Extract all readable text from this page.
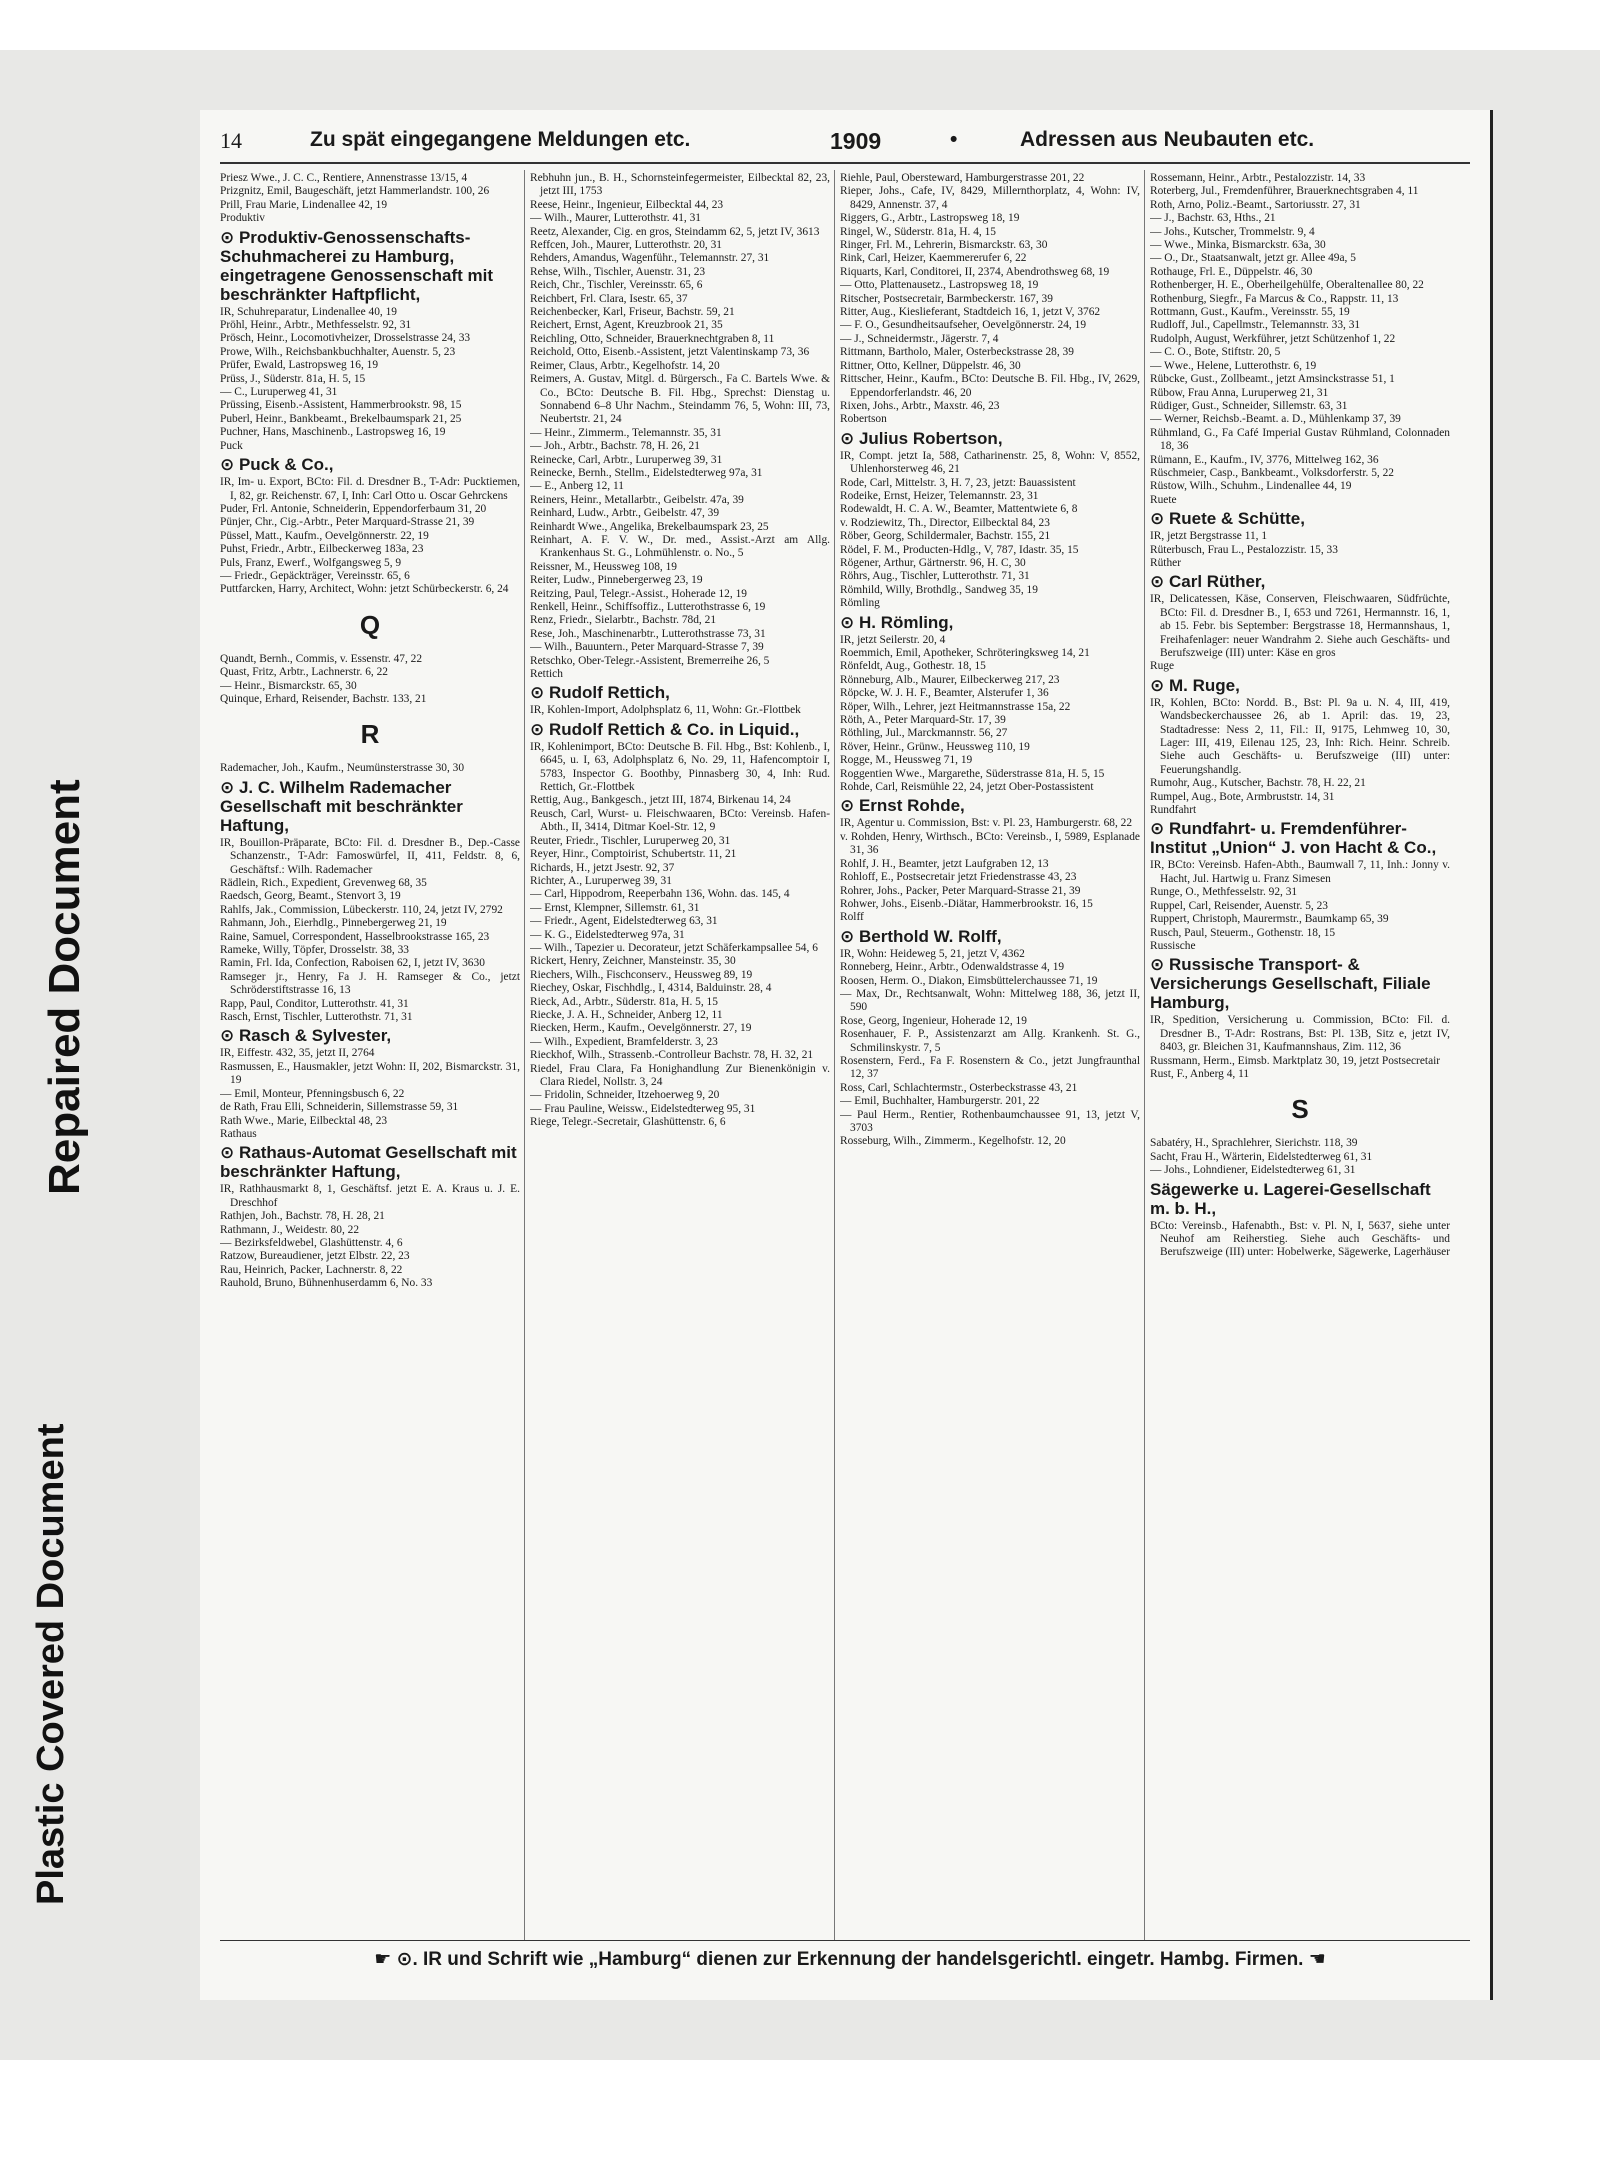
Repaired Document
Plastic Covered Document
14	Zu spät eingegangene Meldungen etc.	1909	•	Adressen aus Neubauten etc.
Priesz Wwe., J. C. C., Rentiere, Annenstrasse 13/15, 4
Prizgnitz, Emil, Baugeschäft, jetzt Hammerlandstr. 100, 26
Prill, Frau Marie, Lindenallee 42, 19
Produktiv
⊙ Produktiv-Genossenschafts-Schuhmacherei zu Hamburg, eingetragene Genossenschaft mit beschränkter Haftpflicht,
IR, Schuhreparatur, Lindenallee 40, 19
Pröhl, Heinr., Arbtr., Methfesselstr. 92, 31
Prösch, Heinr., Locomotivheizer, Drosselstrasse 24, 33
Prowe, Wilh., Reichsbankbuchhalter, Auenstr. 5, 23
Prüfer, Ewald, Lastropsweg 16, 19
Prüss, J., Süderstr. 81a, H. 5, 15
— C., Luruperweg 41, 31
Prüssing, Eisenb.-Assistent, Hammerbrookstr. 98, 15
Puberl, Heinr., Bankbeamt., Brekelbaumspark 21, 25
Puchner, Hans, Maschinenb., Lastropsweg 16, 19
Puck
⊙ Puck & Co.,
IR, Im- u. Export, BCto: Fil. d. Dresdner B., T-Adr: Pucktiemen, I, 82, gr. Reichenstr. 67, I, Inh: Carl Otto u. Oscar Gehrckens
Puder, Frl. Antonie, Schneiderin, Eppendorferbaum 31, 20
Pünjer, Chr., Cig.-Arbtr., Peter Marquard-Strasse 21, 39
Püssel, Matt., Kaufm., Oevelgönnerstr. 22, 19
Puhst, Friedr., Arbtr., Eilbeckerweg 183a, 23
Puls, Franz, Ewerf., Wolfgangsweg 5, 9
— Friedr., Gepäckträger, Vereinsstr. 65, 6
Puttfarcken, Harry, Architect, Wohn: jetzt Schürbeckerstr. 6, 24
Q
Quandt, Bernh., Commis, v. Essenstr. 47, 22
Quast, Fritz, Arbtr., Lachnerstr. 6, 22
— Heinr., Bismarckstr. 65, 30
Quinque, Erhard, Reisender, Bachstr. 133, 21
R
Rademacher, Joh., Kaufm., Neumünsterstrasse 30, 30
⊙ J. C. Wilhelm Rademacher Gesellschaft mit beschränkter Haftung,
IR, Bouillon-Präparate, BCto: Fil. d. Dresdner B., Dep.-Casse Schanzenstr., T-Adr: Famoswürfel, II, 411, Feldstr. 8, 6, Geschäftsf.: Wilh. Rademacher
Rädlein, Rich., Expedient, Grevenweg 68, 35
Raedsch, Georg, Beamt., Stenvort 3, 19
Rahlfs, Jak., Commission, Lübeckerstr. 110, 24, jetzt IV, 2792
Rahmann, Joh., Eierhdlg., Pinnebergerweg 21, 19
Raine, Samuel, Correspondent, Hasselbrookstrasse 165, 23
Rameke, Willy, Töpfer, Drosselstr. 38, 33
Ramin, Frl. Ida, Confection, Raboisen 62, I, jetzt IV, 3630
Ramseger jr., Henry, Fa J. H. Ramseger & Co., jetzt Schröderstiftstrasse 16, 13
Rapp, Paul, Conditor, Lutterothstr. 41, 31
Rasch, Ernst, Tischler, Lutterothstr. 71, 31
⊙ Rasch & Sylvester,
IR, Eiffestr. 432, 35, jetzt II, 2764
Rasmussen, E., Hausmakler, jetzt Wohn: II, 202, Bismarckstr. 31, 19
— Emil, Monteur, Pfenningsbusch 6, 22
de Rath, Frau Elli, Schneiderin, Sillemstrasse 59, 31
Rath Wwe., Marie, Eilbecktal 48, 23
Rathaus
⊙ Rathaus-Automat Gesellschaft mit beschränkter Haftung,
IR, Rathhausmarkt 8, 1, Geschäftsf. jetzt E. A. Kraus u. J. E. Dreschhof
Rathjen, Joh., Bachstr. 78, H. 28, 21
Rathmann, J., Weidestr. 80, 22
— Bezirksfeldwebel, Glashüttenstr. 4, 6
Ratzow, Bureaudiener, jetzt Elbstr. 22, 23
Rau, Heinrich, Packer, Lachnerstr. 8, 22
Rauhold, Bruno, Bühnenhuserdamm 6, No. 33
Rebhuhn jun., B. H., Schornsteinfegermeister, Eilbecktal 82, 23, jetzt III, 1753
Reese, Heinr., Ingenieur, Eilbecktal 44, 23
— Wilh., Maurer, Lutterothstr. 41, 31
Reetz, Alexander, Cig. en gros, Steindamm 62, 5, jetzt IV, 3613
Reffcen, Joh., Maurer, Lutterothstr. 20, 31
Rehders, Amandus, Wagenführ., Telemannstr. 27, 31
Rehse, Wilh., Tischler, Auenstr. 31, 23
Reich, Chr., Tischler, Vereinsstr. 65, 6
Reichbert, Frl. Clara, Isestr. 65, 37
Reichenbecker, Karl, Friseur, Bachstr. 59, 21
Reichert, Ernst, Agent, Kreuzbrook 21, 35
Reichling, Otto, Schneider, Brauerknechtgraben 8, 11
Reichold, Otto, Eisenb.-Assistent, jetzt Valentinskamp 73, 36
Reimer, Claus, Arbtr., Kegelhofstr. 14, 20
Reimers, A. Gustav, Mitgl. d. Bürgersch., Fa C. Bartels Wwe. & Co., BCto: Deutsche B. Fil. Hbg., Sprechst: Dienstag u. Sonnabend 6–8 Uhr Nachm., Steindamm 76, 5, Wohn: III, 73, Neubertstr. 21, 24
— Heinr., Zimmerm., Telemannstr. 35, 31
— Joh., Arbtr., Bachstr. 78, H. 26, 21
Reinecke, Carl, Arbtr., Luruperweg 39, 31
Reinecke, Bernh., Stellm., Eidelstedterweg 97a, 31
— E., Anberg 12, 11
Reiners, Heinr., Metallarbtr., Geibelstr. 47a, 39
Reinhard, Ludw., Arbtr., Geibelstr. 47, 39
Reinhardt Wwe., Angelika, Brekelbaumspark 23, 25
Reinhart, A. F. V. W., Dr. med., Assist.-Arzt am Allg. Krankenhaus St. G., Lohmühlenstr. o. No., 5
Reissner, M., Heussweg 108, 19
Reiter, Ludw., Pinnebergerweg 23, 19
Reitzing, Paul, Telegr.-Assist., Hoherade 12, 19
Renkell, Heinr., Schiffsoffiz., Lutterothstrasse 6, 19
Renz, Friedr., Sielarbtr., Bachstr. 78d, 21
Rese, Joh., Maschinenarbtr., Lutterothstrasse 73, 31
— Wilh., Bauuntern., Peter Marquard-Strasse 7, 39
Retschko, Ober-Telegr.-Assistent, Bremerreihe 26, 5
Rettich
⊙ Rudolf Rettich,
IR, Kohlen-Import, Adolphsplatz 6, 11, Wohn: Gr.-Flottbek
⊙ Rudolf Rettich & Co. in Liquid.,
IR, Kohlenimport, BCto: Deutsche B. Fil. Hbg., Bst: Kohlenb., I, 6645, u. I, 63, Adolphsplatz 6, No. 29, 11, Hafencomptoir I, 5783, Inspector G. Boothby, Pinnasberg 30, 4, Inh: Rud. Rettich, Gr.-Flottbek
Rettig, Aug., Bankgesch., jetzt III, 1874, Birkenau 14, 24
Reusch, Carl, Wurst- u. Fleischwaaren, BCto: Vereinsb. Hafen-Abth., II, 3414, Ditmar Koel-Str. 12, 9
Reuter, Friedr., Tischler, Luruperweg 20, 31
Reyer, Hinr., Comptoirist, Schubertstr. 11, 21
Richards, H., jetzt Jsestr. 92, 37
Richter, A., Luruperweg 39, 31
— Carl, Hippodrom, Reeperbahn 136, Wohn. das. 145, 4
— Ernst, Klempner, Sillemstr. 61, 31
— Friedr., Agent, Eidelstedterweg 63, 31
— K. G., Eidelstedterweg 97a, 31
— Wilh., Tapezier u. Decorateur, jetzt Schäferkampsallee 54, 6
Rickert, Henry, Zeichner, Mansteinstr. 35, 30
Riechers, Wilh., Fischconserv., Heussweg 89, 19
Riechey, Oskar, Fischhdlg., I, 4314, Balduinstr. 28, 4
Rieck, Ad., Arbtr., Süderstr. 81a, H. 5, 15
Riecke, J. A. H., Schneider, Anberg 12, 11
Riecken, Herm., Kaufm., Oevelgönnerstr. 27, 19
— Wilh., Expedient, Bramfelderstr. 3, 23
Rieckhof, Wilh., Strassenb.-Controlleur Bachstr. 78, H. 32, 21
Riedel, Frau Clara, Fa Honighandlung Zur Bienenkönigin v. Clara Riedel, Nollstr. 3, 24
— Fridolin, Schneider, Itzehoerweg 9, 20
— Frau Pauline, Weissw., Eidelstedterweg 95, 31
Riege, Telegr.-Secretair, Glashüttenstr. 6, 6
Riehle, Paul, Obersteward, Hamburgerstrasse 201, 22
Rieper, Johs., Cafe, IV, 8429, Millernthorplatz, 4, Wohn: IV, 8429, Annenstr. 37, 4
Riggers, G., Arbtr., Lastropsweg 18, 19
Ringel, W., Süderstr. 81a, H. 4, 15
Ringer, Frl. M., Lehrerin, Bismarckstr. 63, 30
Rink, Carl, Heizer, Kaemmererufer 6, 22
Riquarts, Karl, Conditorei, II, 2374, Abendrothsweg 68, 19
— Otto, Plattenausetz., Lastropsweg 18, 19
Ritscher, Postsecretair, Barmbeckerstr. 167, 39
Ritter, Aug., Kieslieferant, Stadtdeich 16, 1, jetzt V, 3762
— F. O., Gesundheitsaufseher, Oevelgönnerstr. 24, 19
— J., Schneidermstr., Jägerstr. 7, 4
Rittmann, Bartholo, Maler, Osterbeckstrasse 28, 39
Rittner, Otto, Kellner, Düppelstr. 46, 30
Rittscher, Heinr., Kaufm., BCto: Deutsche B. Fil. Hbg., IV, 2629, Eppendorferlandstr. 46, 20
Rixen, Johs., Arbtr., Maxstr. 46, 23
Robertson
⊙ Julius Robertson,
IR, Compt. jetzt Ia, 588, Catharinenstr. 25, 8, Wohn: V, 8552, Uhlenhorsterweg 46, 21
Rode, Carl, Mittelstr. 3, H. 7, 23, jetzt: Bauassistent
Rodeike, Ernst, Heizer, Telemannstr. 23, 31
Rodewaldt, H. C. A. W., Beamter, Mattentwiete 6, 8
v. Rodziewitz, Th., Director, Eilbecktal 84, 23
Röber, Georg, Schildermaler, Bachstr. 155, 21
Rödel, F. M., Producten-Hdlg., V, 787, Idastr. 35, 15
Rögener, Arthur, Gärtnerstr. 96, H. C, 30
Röhrs, Aug., Tischler, Lutterothstr. 71, 31
Römhild, Willy, Brothdlg., Sandweg 35, 19
Römling
⊙ H. Römling,
IR, jetzt Seilerstr. 20, 4
Roemmich, Emil, Apotheker, Schröteringksweg 14, 21
Rönfeldt, Aug., Gothestr. 18, 15
Rönneburg, Alb., Maurer, Eilbeckerweg 217, 23
Röpcke, W. J. H. F., Beamter, Alsterufer 1, 36
Röper, Wilh., Lehrer, jezt Heitmannstrasse 15a, 22
Röth, A., Peter Marquard-Str. 17, 39
Röthling, Jul., Marckmannstr. 56, 27
Röver, Heinr., Grünw., Heussweg 110, 19
Rogge, M., Heussweg 71, 19
Roggentien Wwe., Margarethe, Süderstrasse 81a, H. 5, 15
Rohde, Carl, Reismühle 22, 24, jetzt Ober-Postassistent
⊙ Ernst Rohde,
IR, Agentur u. Commission, Bst: v. Pl. 23, Hamburgerstr. 68, 22
v. Rohden, Henry, Wirthsch., BCto: Vereinsb., I, 5989, Esplanade 31, 36
Rohlf, J. H., Beamter, jetzt Laufgraben 12, 13
Rohloff, E., Postsecretair jetzt Friedenstrasse 43, 23
Rohrer, Johs., Packer, Peter Marquard-Strasse 21, 39
Rohwer, Johs., Eisenb.-Diätar, Hammerbrookstr. 16, 15
Rolff
⊙ Berthold W. Rolff,
IR, Wohn: Heideweg 5, 21, jetzt V, 4362
Ronneberg, Heinr., Arbtr., Odenwaldstrasse 4, 19
Roosen, Herm. O., Diakon, Eimsbüttelerchaussee 71, 19
— Max, Dr., Rechtsanwalt, Wohn: Mittelweg 188, 36, jetzt II, 590
Rose, Georg, Ingenieur, Hoherade 12, 19
Rosenhauer, F. P., Assistenzarzt am Allg. Krankenh. St. G., Schmilinskystr. 7, 5
Rosenstern, Ferd., Fa F. Rosenstern & Co., jetzt Jungfraunthal 12, 37
Ross, Carl, Schlachtermstr., Osterbeckstrasse 43, 21
— Emil, Buchhalter, Hamburgerstr. 201, 22
— Paul Herm., Rentier, Rothenbaumchaussee 91, 13, jetzt V, 3703
Rosseburg, Wilh., Zimmerm., Kegelhofstr. 12, 20
Rossemann, Heinr., Arbtr., Pestalozzistr. 14, 33
Roterberg, Jul., Fremdenführer, Brauerknechtsgraben 4, 11
Roth, Arno, Poliz.-Beamt., Sartoriusstr. 27, 31
— J., Bachstr. 63, Hths., 21
— Johs., Kutscher, Trommelstr. 9, 4
— Wwe., Minka, Bismarckstr. 63a, 30
— O., Dr., Staatsanwalt, jetzt gr. Allee 49a, 5
Rothauge, Frl. E., Düppelstr. 46, 30
Rothenberger, H. E., Oberheilgehülfe, Oberaltenallee 80, 22
Rothenburg, Siegfr., Fa Marcus & Co., Rappstr. 11, 13
Rottmann, Gust., Kaufm., Vereinsstr. 55, 19
Rudloff, Jul., Capellmstr., Telemannstr. 33, 31
Rudolph, August, Werkführer, jetzt Schützenhof 1, 22
— C. O., Bote, Stiftstr. 20, 5
— Wwe., Helene, Lutterothstr. 6, 19
Rübcke, Gust., Zollbeamt., jetzt Amsinckstrasse 51, 1
Rübow, Frau Anna, Luruperweg 21, 31
Rüdiger, Gust., Schneider, Sillemstr. 63, 31
— Werner, Reichsb.-Beamt. a. D., Mühlenkamp 37, 39
Rühmland, G., Fa Café Imperial Gustav Rühmland, Colonnaden 18, 36
Rümann, E., Kaufm., IV, 3776, Mittelweg 162, 36
Rüschmeier, Casp., Bankbeamt., Volksdorferstr. 5, 22
Rüstow, Wilh., Schuhm., Lindenallee 44, 19
Ruete
⊙ Ruete & Schütte,
IR, jetzt Bergstrasse 11, 1
Rüterbusch, Frau L., Pestalozzistr. 15, 33
Rüther
⊙ Carl Rüther,
IR, Delicatessen, Käse, Conserven, Fleischwaaren, Südfrüchte, BCto: Fil. d. Dresdner B., I, 653 und 7261, Hermannstr. 16, 1, ab 15. Febr. bis September: Bergstrasse 18, Hermannshaus, 1, Freihafenlager: neuer Wandrahm 2. Siehe auch Geschäfts- und Berufszweige (III) unter: Käse en gros
Ruge
⊙ M. Ruge,
IR, Kohlen, BCto: Nordd. B., Bst: Pl. 9a u. N. 4, III, 419, Wandsbeckerchaussee 26, ab 1. April: das. 19, 23, Stadtadresse: Ness 2, 11, Fil.: II, 9175, Lehmweg 10, 30, Lager: III, 419, Eilenau 125, 23, Inh: Rich. Heinr. Schreib. Siehe auch Geschäfts- u. Berufszweige (III) unter: Feuerungshandlg.
Rumohr, Aug., Kutscher, Bachstr. 78, H. 22, 21
Rumpel, Aug., Bote, Armbruststr. 14, 31
Rundfahrt
⊙ Rundfahrt- u. Fremdenführer-Institut „Union“ J. von Hacht & Co.,
IR, BCto: Vereinsb. Hafen-Abth., Baumwall 7, 11, Inh.: Jonny v. Hacht, Jul. Hartwig u. Franz Simesen
Runge, O., Methfesselstr. 92, 31
Ruppel, Carl, Reisender, Auenstr. 5, 23
Ruppert, Christoph, Maurermstr., Baumkamp 65, 39
Rusch, Paul, Steuerm., Gothenstr. 18, 15
Russische
⊙ Russische Transport- & Versicherungs Gesellschaft, Filiale Hamburg,
IR, Spedition, Versicherung u. Commission, BCto: Fil. d. Dresdner B., T-Adr: Rostrans, Bst: Pl. 13B, Sitz e, jetzt IV, 8403, gr. Bleichen 31, Kaufmannshaus, Zim. 112, 36
Russmann, Herm., Eimsb. Marktplatz 30, 19, jetzt Postsecretair
Rust, F., Anberg 4, 11
S
Sabatéry, H., Sprachlehrer, Sierichstr. 118, 39
Sacht, Frau H., Wärterin, Eidelstedterweg 61, 31
— Johs., Lohndiener, Eidelstedterweg 61, 31
Sägewerke u. Lagerei-Gesellschaft m. b. H.,
BCto: Vereinsb., Hafenabth., Bst: v. Pl. N, I, 5637, siehe unter Neuhof am Reiherstieg. Siehe auch Geschäfts- und Berufszweige (III) unter: Hobelwerke, Sägewerke, Lagerhäuser
☛ ⊙. IR und Schrift wie „Hamburg“ dienen zur Erkennung der handelsgerichtl. eingetr. Hambg. Firmen. ☚
